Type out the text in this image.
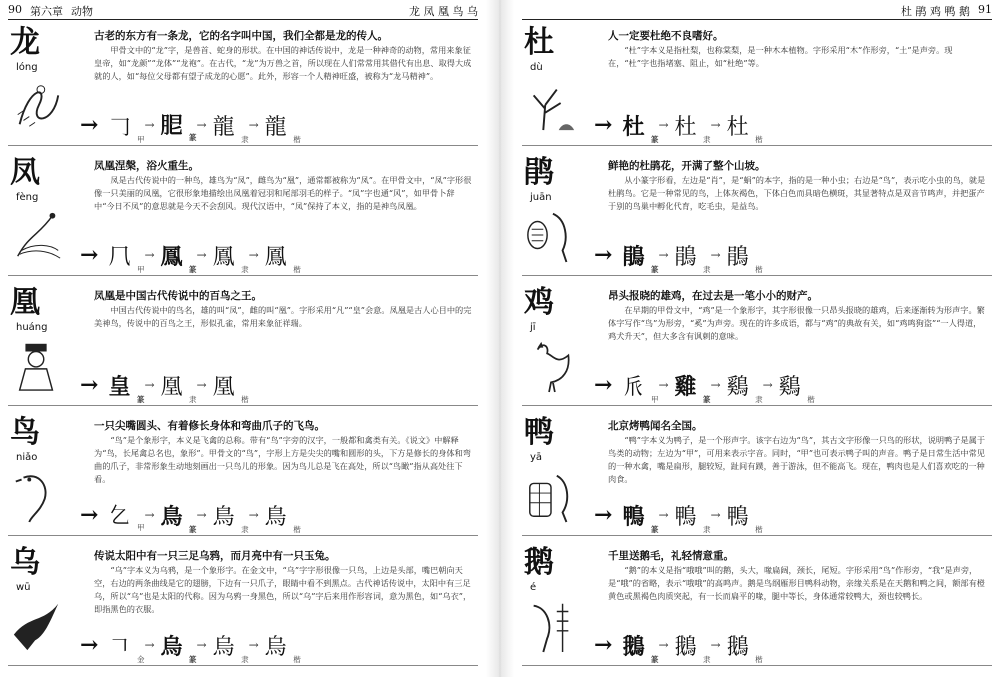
90 第六章 动物	龙 凤 凰 鸟 乌
龙
lóng
古老的东方有一条龙，它的名字叫中国，我们全都是龙的传人。
甲骨文中的“龙”字，是兽首、蛇身的形状。在中国的神话传说中，龙是一种神奇的动物，常用来象征皇帝，如“龙颜”“龙体”“龙袍”。在古代，“龙”为万兽之首，所以现在人们常常用其借代有出息、取得大成就的人，如“每位父母都有望子成龙的心愿”。此外，形容一个人精神旺盛，被称为“龙马精神”。
→ 𠃌 甲
→ 𦚢 篆
→ 龍 隶
→ 龍 楷
凤
fèng
凤凰涅槃，浴火重生。
凤是古代传说中的一种鸟，雄鸟为“凤”，雌鸟为“凰”，通常都被称为“凤”。在甲骨文中，“凤”字形很像一只美丽的凤凰，它很形象地描绘出凤凰着冠羽和尾部羽毛的样子。“凤”字也通“风”，如甲骨卜辞中“今日不凤”的意思就是今天不会刮风。现代汉语中，“凤”保持了本义，指的是神鸟凤凰。
→ 𠘨 甲
→ 鳳 篆
→ 鳳 隶
→ 鳳 楷
凰
huáng
凤凰是中国古代传说中的百鸟之王。
中国古代传说中的鸟名，雄的叫“凤”，雌的叫“凰”。字形采用“凡”“皇”会意。凤凰是古人心目中的完美神鸟，传说中的百鸟之王，形似孔雀，常用来象征祥瑞。
→ 皇 篆
→ 凰 隶
→ 凰 楷
鸟
niǎo
一只尖嘴圆头、有着修长身体和弯曲爪子的飞鸟。
“鸟”是个象形字，本义是飞禽的总称。带有“鸟”字旁的汉字，一般都和禽类有关。《说文》中解释为“鸟，长尾禽总名也，象形”。甲骨文的“鸟”，字形上方是尖尖的嘴和圆形的头，下方是修长的身体和弯曲的爪子，非常形象生动地刻画出一只鸟儿的形象。因为鸟儿总是飞在高处，所以“鸟瞰”指从高处往下看。
→ 𠃉 甲
→ 鳥 篆
→ 鳥 隶
→ 鳥 楷
乌
wū
传说太阳中有一只三足乌鸦，而月亮中有一只玉兔。
“乌”字本义为乌鸦，是一个象形字。在金文中，“乌”字字形很像一只鸟，上边是头部，嘴巴朝向天空，右边的两条曲线是它的翅膀，下边有一只爪子，眼睛中看不到黑点。古代神话传说中，太阳中有三足乌，所以“乌”也是太阳的代称。因为乌鸦一身黑色，所以“乌”字后来用作形容词，意为黑色，如“乌衣”，即指黑色的衣服。
→ 𠃍 金
→ 烏 篆
→ 烏 隶
→ 烏 楷
杜 鹃 鸡 鸭 鹅 91
杜
dù
人一定要杜绝不良嗜好。
“杜”字本义是指杜梨，也称棠梨，是一种木本植物。字形采用“木”作形旁，“土”是声旁。现在，“杜”字也指堵塞、阻止，如“杜绝”等。
→ 杜 篆
→ 杜 隶
→ 杜 楷
鹃
juān
鲜艳的杜鹃花，开满了整个山坡。
从小篆字形看，左边是“肖”，是“蜎”的本字，指的是一种小虫；右边是“鸟”，表示吃小虫的鸟，就是杜鹃鸟。它是一种常见的鸟，上体灰褐色，下体白色而具暗色横斑，其显著特点是双音节鸣声，并把蛋产于别的鸟巢中孵化代育，吃毛虫，是益鸟。
→ 鵑 篆
→ 鵑 隶
→ 鵑 楷
鸡
jī
昂头报晓的雄鸡，在过去是一笔小小的财产。
在早期的甲骨文中，“鸡”是一个象形字，其字形很像一只昂头报晓的雄鸡，后来逐渐转为形声字。繁体字写作“鸟”为形旁，“奚”为声旁。现在的许多成语，都与“鸡”的典故有关，如“鸡鸣狗盗”“一人得道，鸡犬升天”，但大多含有讽刺的意味。
→ 𠂢 甲
→ 雞 篆
→ 鷄 隶
→ 鷄 楷
鸭
yā
北京烤鸭闻名全国。
“鸭”字本义为鸭子，是一个形声字。该字右边为“鸟”，其古文字形像一只鸟的形状，说明鸭子是属于鸟类的动物；左边为“甲”，可用来表示字音。同时，“甲”也可表示鸭子叫的声音。鸭子是日常生活中常见的一种水禽，嘴是扁形，腿较短，趾间有蹼，善于游泳，但不能高飞。现在，鸭肉也是人们喜欢吃的一种肉食。
→ 鴨 篆
→ 鴨 隶
→ 鴨 楷
鹅
é
千里送鹅毛，礼轻情意重。
“鹅”的本义是指“哦哦”叫的鹅，头大，喙扁阔，颈长，尾短。字形采用“鸟”作形旁，“我”是声旁，是“哦”的省略，表示“哦哦”的高鸣声。鹅是鸟纲雁形目鸭科动物，亲缘关系是在天鹅和鸭之间，额部有橙黄色或黑褐色肉质突起，有一长而扁平的喙，腿中等长，身体通常较鸭大，颈也较鸭长。
→ 鵝 篆
→ 鵝 隶
→ 鵝 楷
